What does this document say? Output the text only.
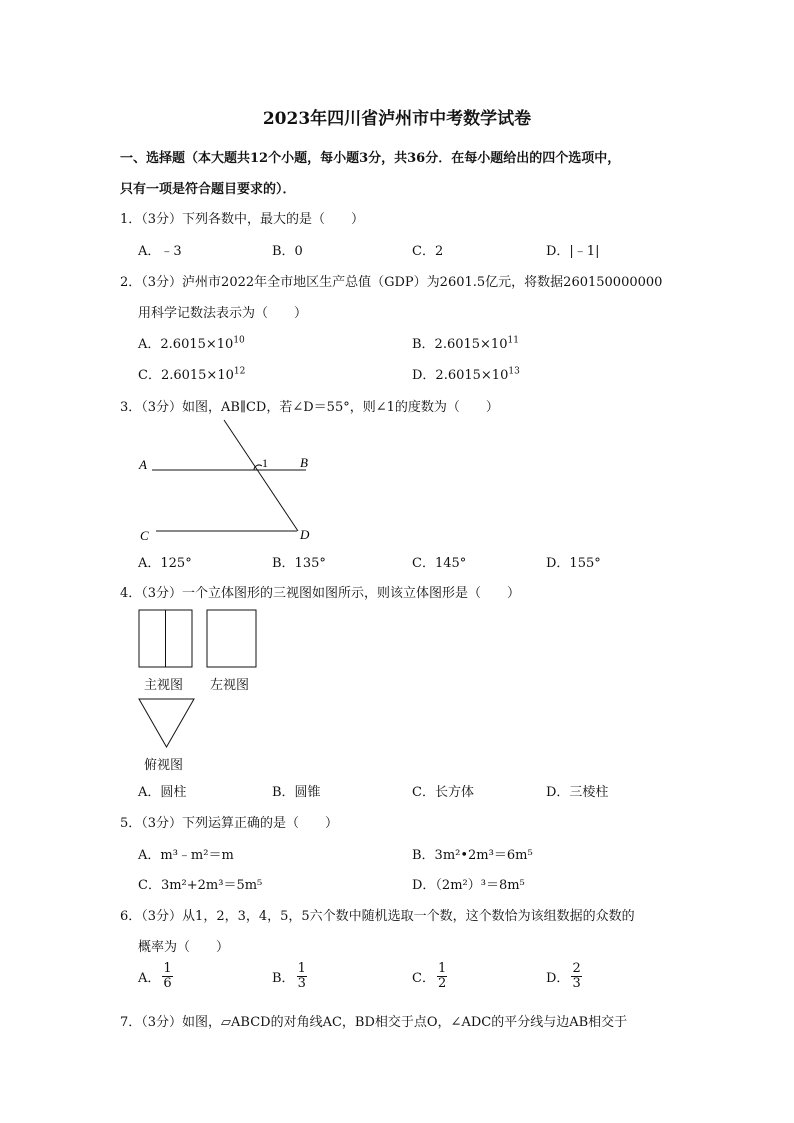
2023年四川省泸州市中考数学试卷
一、选择题（本大题共12个小题，每小题3分，共36分．在每小题给出的四个选项中，
只有一项是符合题目要求的）．
1．（3分）下列各数中，最大的是（　　）
A．﹣3	B．0	C．2	D．|﹣1|
2．（3分）泸州市2022年全市地区生产总值（GDP）为2601.5亿元，将数据260150000000
用科学记数法表示为（　　）
A．$2.6015\times 10^{10}$	B．$2.6015\times 10^{11}$
C．$2.6015\times 10^{12}$	D．$2.6015\times 10^{13}$
3．（3分）如图，AB∥CD，若∠D＝55°，则∠1的度数为（　　）
A	B
C	D
1
A．125°	B．135°	C．145°	D．155°
4．（3分）一个立体图形的三视图如图所示，则该立体图形是（　　）
主视图 左视图
俯视图
A．圆柱	B．圆锥	C．长方体	D．三棱柱
5．（3分）下列运算正确的是（　　）
A．m³﹣m²＝m	B．3m²•2m³＝6m⁵
C．3m²+2m³＝5m⁵	D．（2m²）³＝8m⁵
6．（3分）从1，2，3，4，5，5六个数中随机选取一个数，这个数恰为该组数据的众数的
概率为（　　）
A． $\frac{1}{6}$	B． $\frac{1}{3}$	C． $\frac{1}{2}$	D． $\frac{2}{3}$
7．（3分）如图，▱ABCD的对角线AC，BD相交于点O，∠ADC的平分线与边AB相交于
